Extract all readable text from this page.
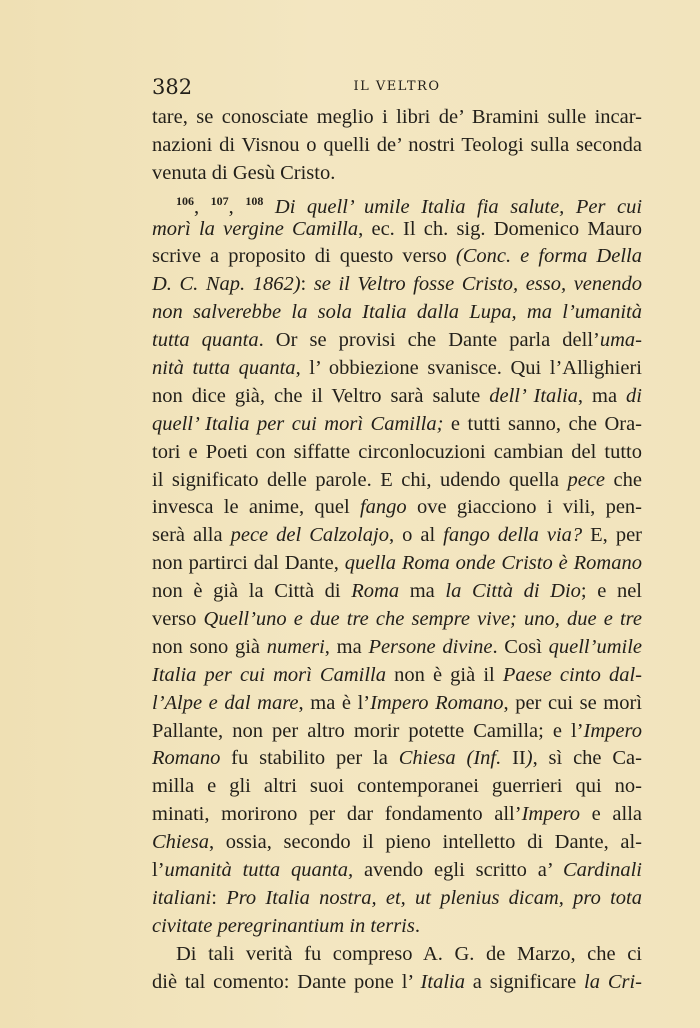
382	IL VELTRO
tare, se conosciate meglio i libri de’ Bramini sulle incar-
nazioni di Visnou o quelli de’ nostri Teologi sulla seconda
venuta di Gesù Cristo.
$^{106}$, $^{107}$, $^{108}$ Di quell’ umile Italia fia salute, Per cui
morì la vergine Camilla, ec. Il ch. sig. Domenico Mauro
scrive a proposito di questo verso (Conc. e forma Della
D. C. Nap. 1862): se il Veltro fosse Cristo, esso, venendo
non salverebbe la sola Italia dalla Lupa, ma l’umanità
tutta quanta. Or se provisi che Dante parla dell’uma-
nità tutta quanta, l’ obbiezione svanisce. Qui l’Allighieri
non dice già, che il Veltro sarà salute dell’ Italia, ma di
quell’ Italia per cui morì Camilla; e tutti sanno, che Ora-
tori e Poeti con siffatte circonlocuzioni cambian del tutto
il significato delle parole. E chi, udendo quella pece che
invesca le anime, quel fango ove giacciono i vili, pen-
serà alla pece del Calzolajo, o al fango della via? E, per
non partirci dal Dante, quella Roma onde Cristo è Romano
non è già la Città di Roma ma la Città di Dio; e nel
verso Quell’uno e due tre che sempre vive; uno, due e tre
non sono già numeri, ma Persone divine. Così quell’umile
Italia per cui morì Camilla non è già il Paese cinto dal-
l’Alpe e dal mare, ma è l’Impero Romano, per cui se morì
Pallante, non per altro morir potette Camilla; e l’Impero
Romano fu stabilito per la Chiesa (Inf. II), sì che Ca-
milla e gli altri suoi contemporanei guerrieri qui no-
minati, morirono per dar fondamento all’Impero e alla
Chiesa, ossia, secondo il pieno intelletto di Dante, al-
l’umanità tutta quanta, avendo egli scritto a’ Cardinali
italiani: Pro Italia nostra, et, ut plenius dicam, pro tota
civitate peregrinantium in terris.
Di tali verità fu compreso A. G. de Marzo, che ci
diè tal comento: Dante pone l’ Italia a significare la Cri-
